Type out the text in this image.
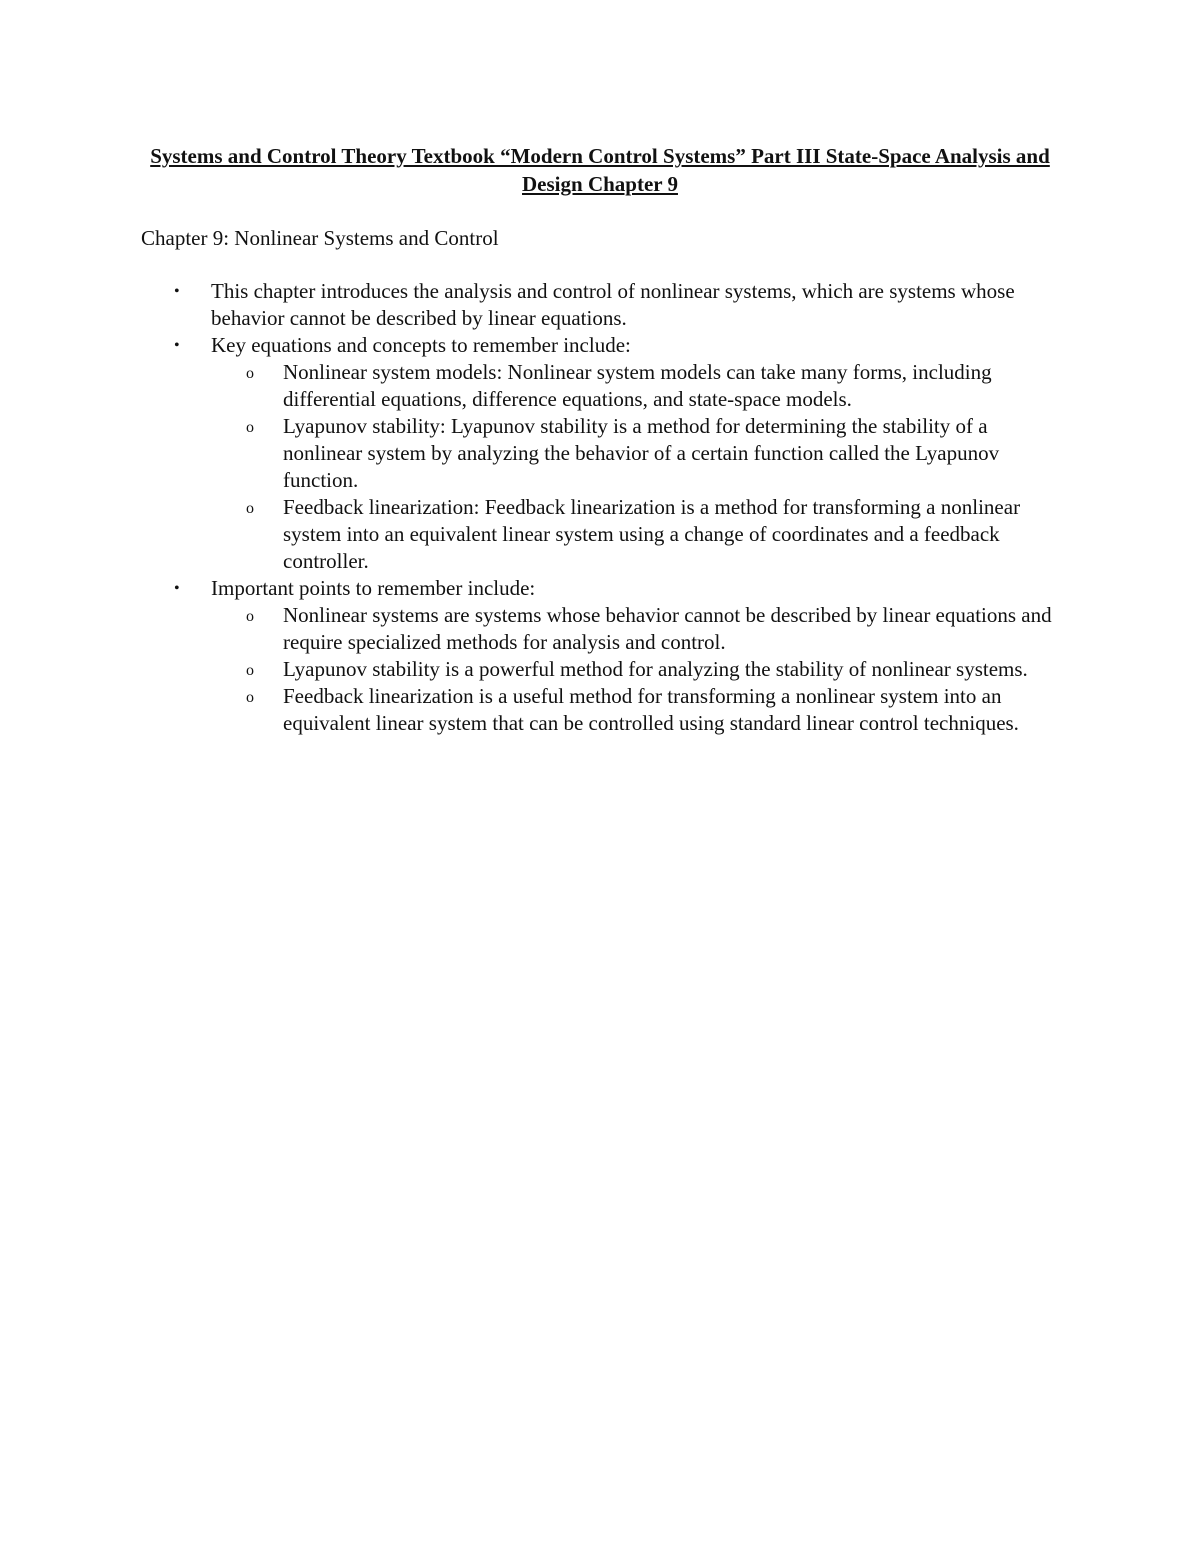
Systems and Control Theory Textbook “Modern Control Systems” Part III State-Space Analysis and Design Chapter 9

Chapter 9: Nonlinear Systems and Control

• This chapter introduces the analysis and control of nonlinear systems, which are systems whose behavior cannot be described by linear equations.
• Key equations and concepts to remember include:
o Nonlinear system models: Nonlinear system models can take many forms, including differential equations, difference equations, and state-space models.
o Lyapunov stability: Lyapunov stability is a method for determining the stability of a nonlinear system by analyzing the behavior of a certain function called the Lyapunov function.
o Feedback linearization: Feedback linearization is a method for transforming a nonlinear system into an equivalent linear system using a change of coordinates and a feedback controller.
• Important points to remember include:
o Nonlinear systems are systems whose behavior cannot be described by linear equations and require specialized methods for analysis and control.
o Lyapunov stability is a powerful method for analyzing the stability of nonlinear systems.
o Feedback linearization is a useful method for transforming a nonlinear system into an equivalent linear system that can be controlled using standard linear control techniques.
